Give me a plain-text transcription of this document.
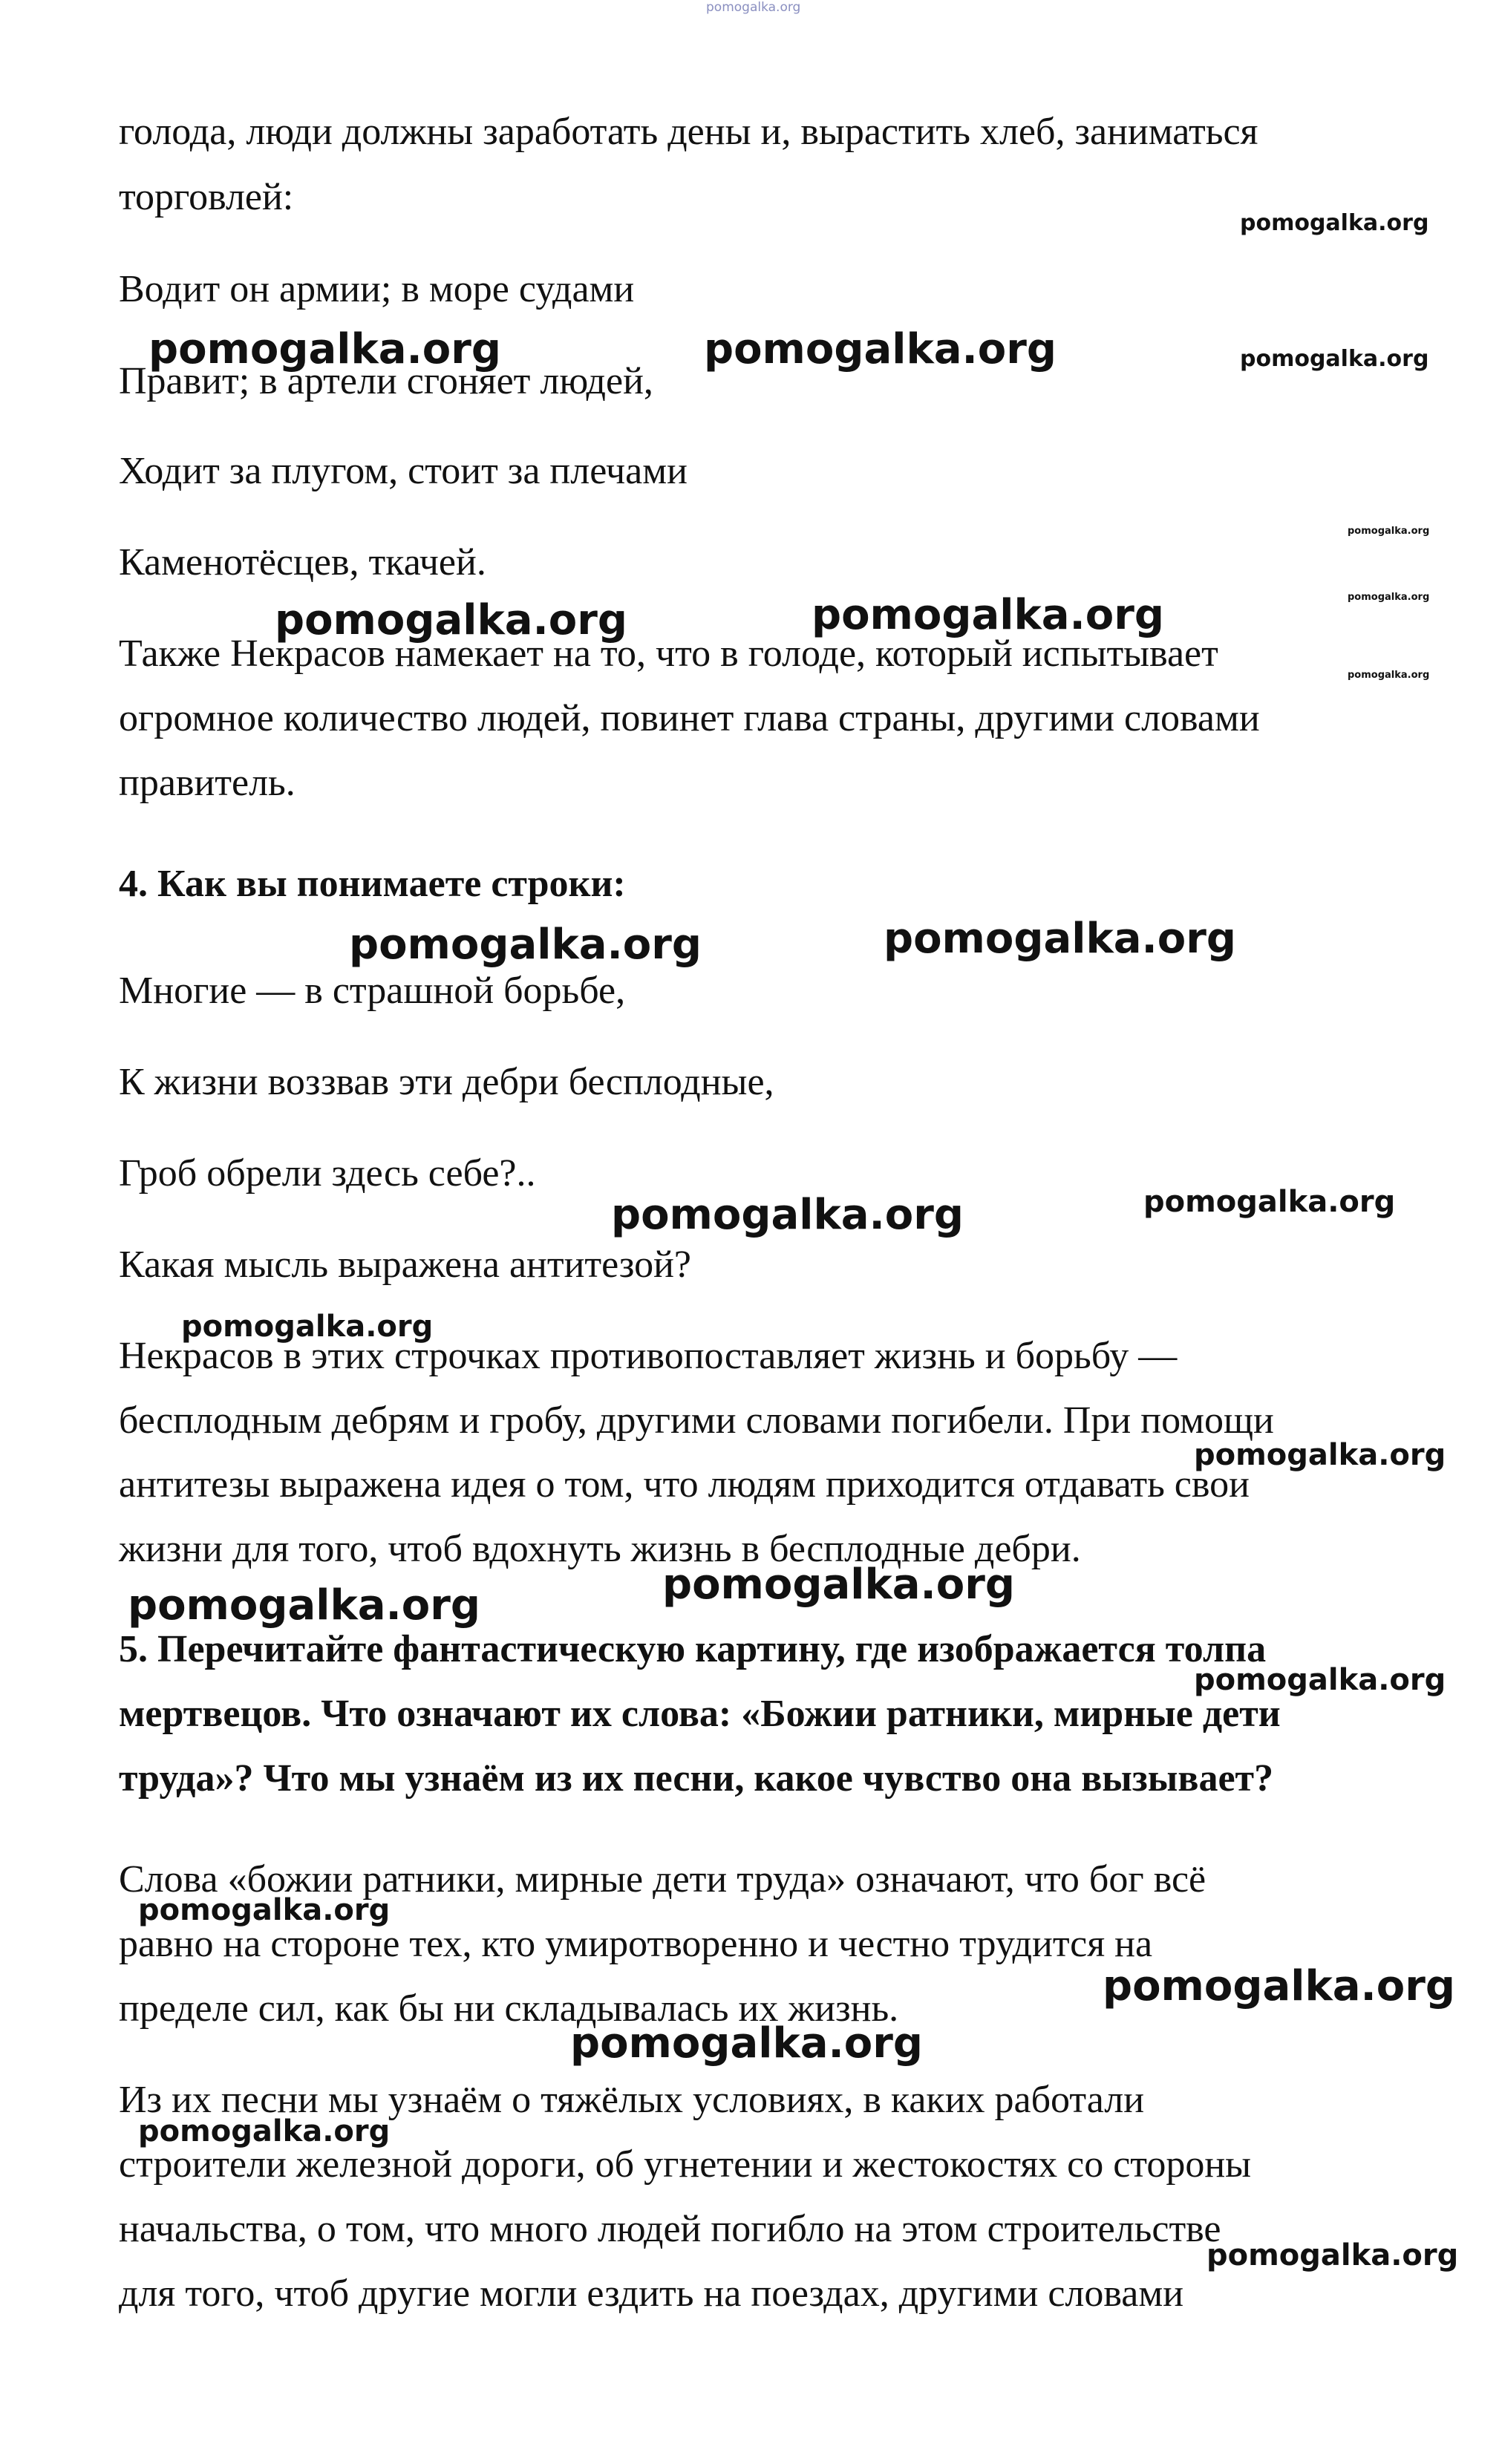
голода, люди должны заработать дены и, вырастить хлеб, заниматься

торговлей:

Водит он армии; в море судами

Правит; в артели сгоняет людей,

Ходит за плугом, стоит за плечами

Каменотёсцев, ткачей.

Также Некрасов намекает на то, что в голоде, который испытывает

огромное количество людей, повинет глава страны, другими словами

правитель.

4. Как вы понимаете строки:

Многие — в страшной борьбе,

К жизни воззвав эти дебри бесплодные,

Гроб обрели здесь себе?..

Какая мысль выражена антитезой?

Некрасов в этих строчках противопоставляет жизнь и борьбу —

бесплодным дебрям и гробу, другими словами погибели. При помощи

антитезы выражена идея о том, что людям приходится отдавать свои

жизни для того, чтоб вдохнуть жизнь в бесплодные дебри.

5. Перечитайте фантастическую картину, где изображается толпа

мертвецов. Что означают их слова: «Божии ратники, мирные дети

труда»? Что мы узнаём из их песни, какое чувство она вызывает?

Слова «божии ратники, мирные дети труда» означают, что бог всё

равно на стороне тех, кто умиротворенно и честно трудится на

пределе сил, как бы ни складывалась их жизнь.

Из их песни мы узнаём о тяжёлых условиях, в каких работали

строители железной дороги, об угнетении и жестокостях со стороны

начальства, о том, что много людей погибло на этом строительстве

для того, чтоб другие могли ездить на поездах, другими словами

pomogalka.org
pomogalka.org
pomogalka.org	pomogalka.org	pomogalka.org
pomogalka.org
pomogalka.org
pomogalka.org	pomogalka.org
pomogalka.org
pomogalka.org	pomogalka.org
pomogalka.org	pomogalka.org
pomogalka.org
pomogalka.org
pomogalka.org
pomogalka.org
pomogalka.org
pomogalka.org
pomogalka.org
pomogalka.org
pomogalka.org
pomogalka.org
